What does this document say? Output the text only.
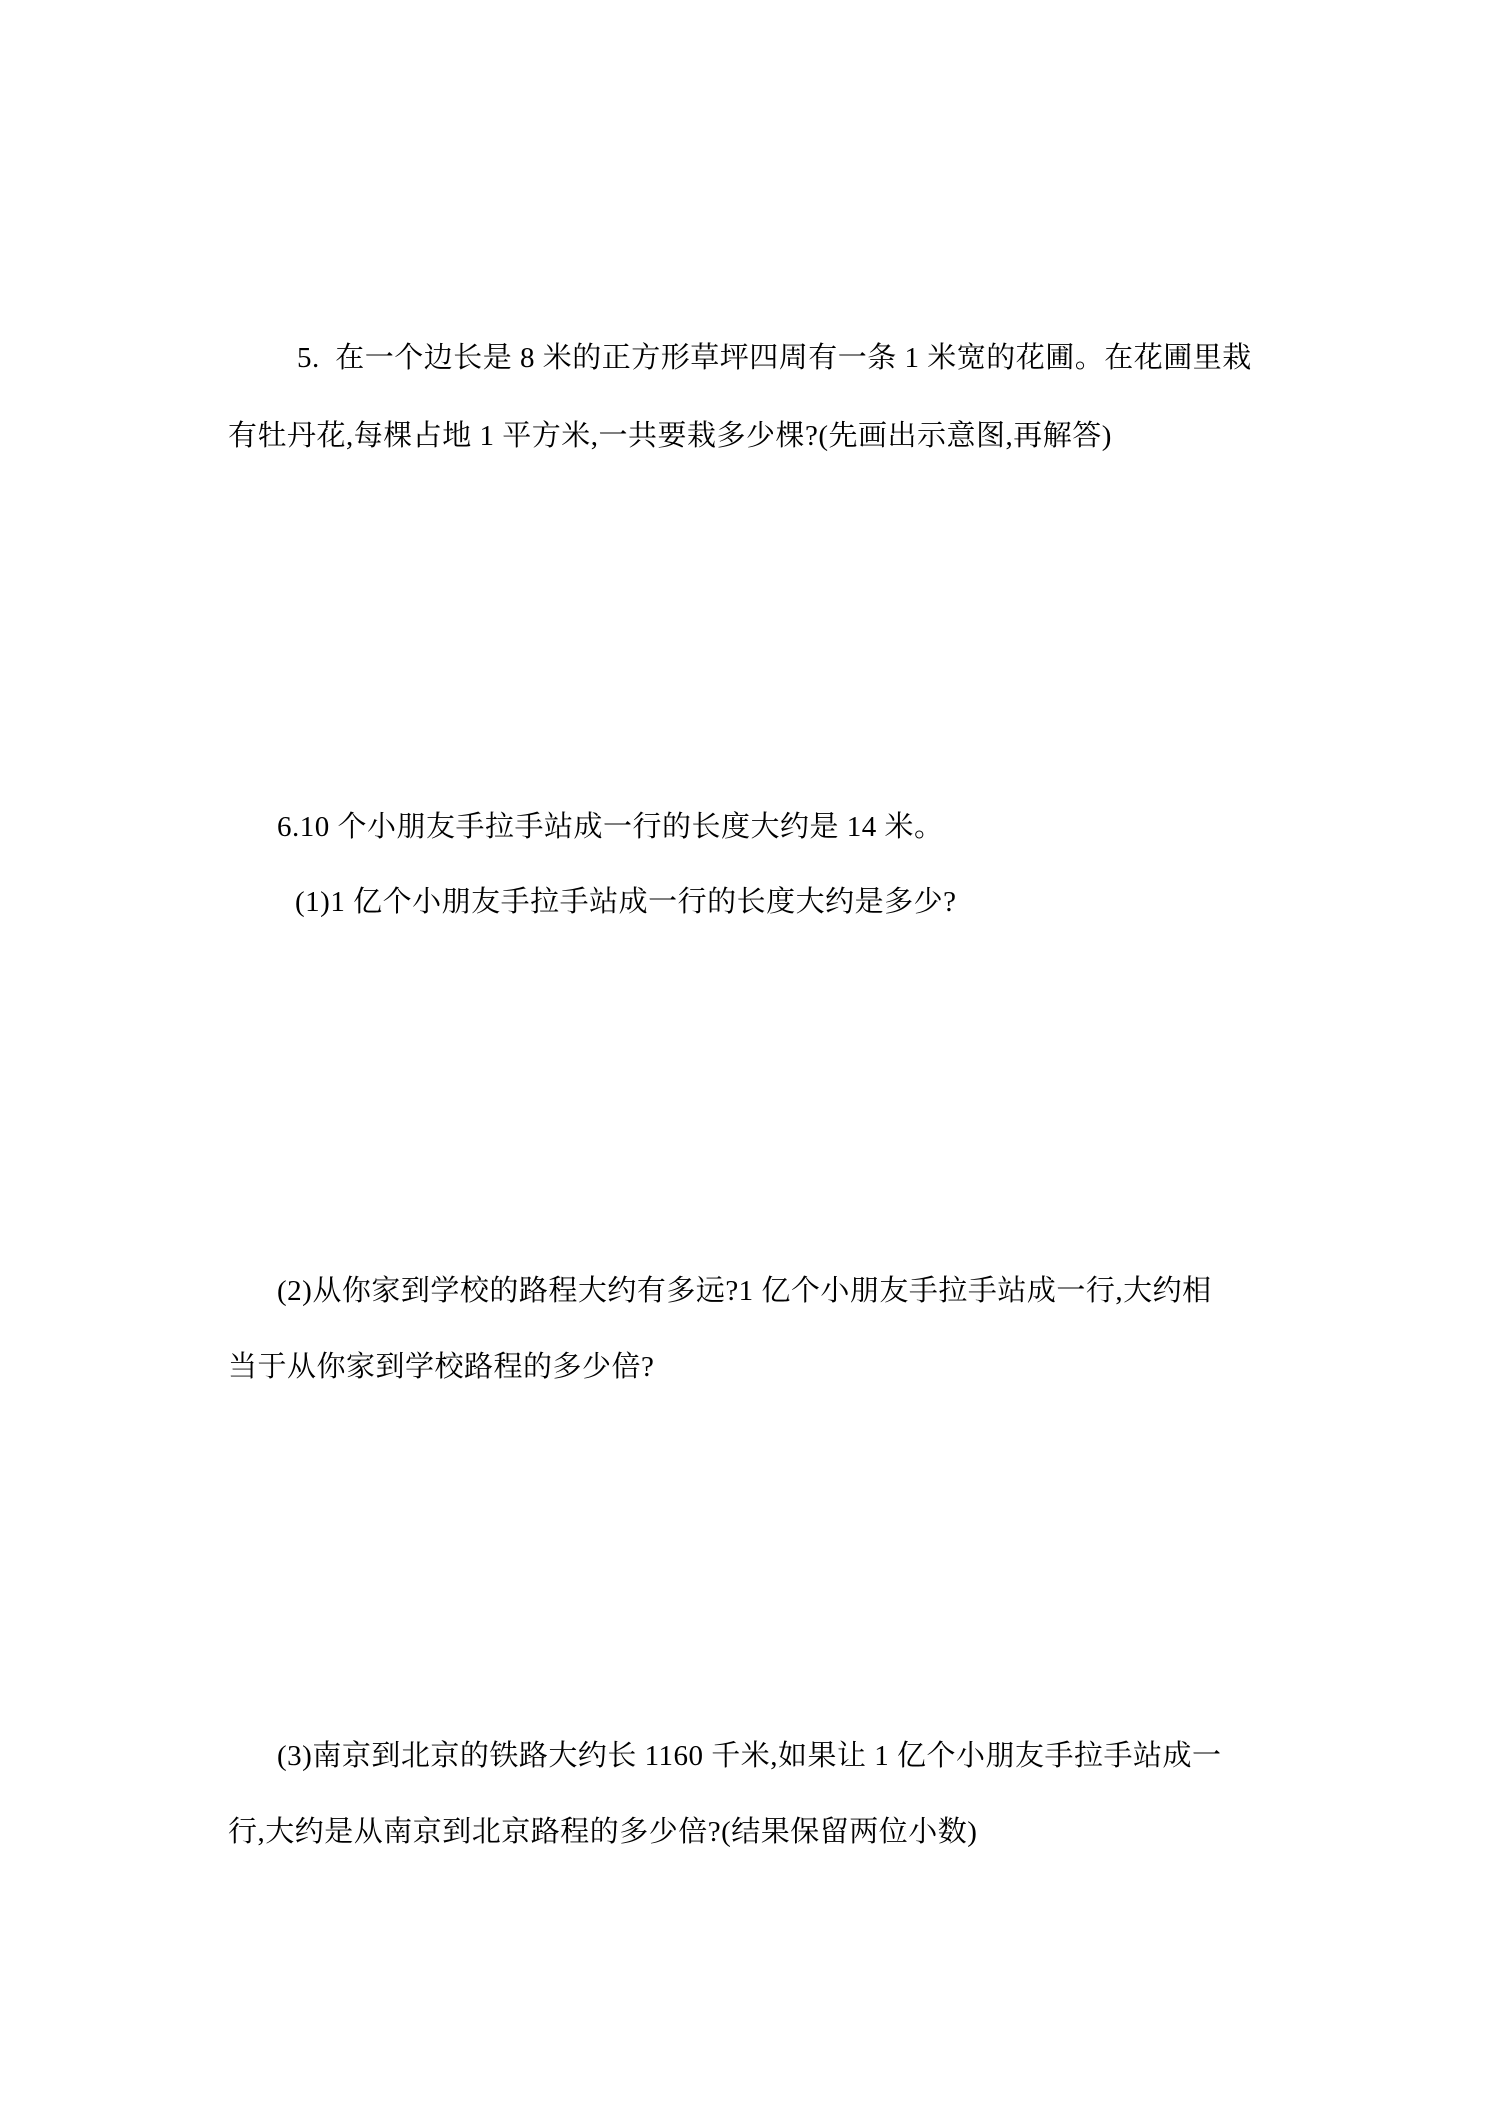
5.  在一个边长是 8 米的正方形草坪四周有一条 1 米宽的花圃。在花圃里栽
有牡丹花,每棵占地 1 平方米,一共要栽多少棵?(先画出示意图,再解答)
6.10 个小朋友手拉手站成一行的长度大约是 14 米。
(1)1 亿个小朋友手拉手站成一行的长度大约是多少?
(2)从你家到学校的路程大约有多远?1 亿个小朋友手拉手站成一行,大约相
当于从你家到学校路程的多少倍?
(3)南京到北京的铁路大约长 1160 千米,如果让 1 亿个小朋友手拉手站成一
行,大约是从南京到北京路程的多少倍?(结果保留两位小数)
